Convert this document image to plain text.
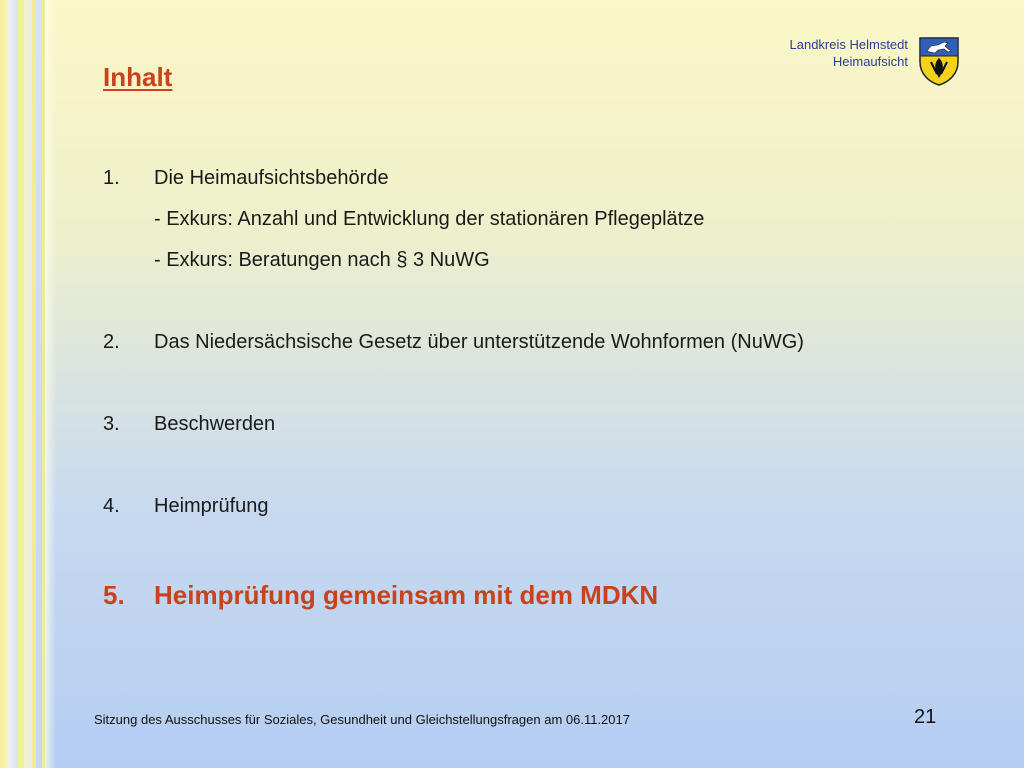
Inhalt
Landkreis Helmstedt
Heimaufsicht
1. Die Heimaufsichtsbehörde
- Exkurs: Anzahl und Entwicklung der stationären Pflegeplätze
- Exkurs: Beratungen nach § 3 NuWG
2. Das Niedersächsische Gesetz über unterstützende Wohnformen (NuWG)
3. Beschwerden
4. Heimprüfung
5. Heimprüfung gemeinsam mit dem MDKN
Sitzung des Ausschusses für Soziales, Gesundheit und Gleichstellungsfragen am 06.11.2017	21
